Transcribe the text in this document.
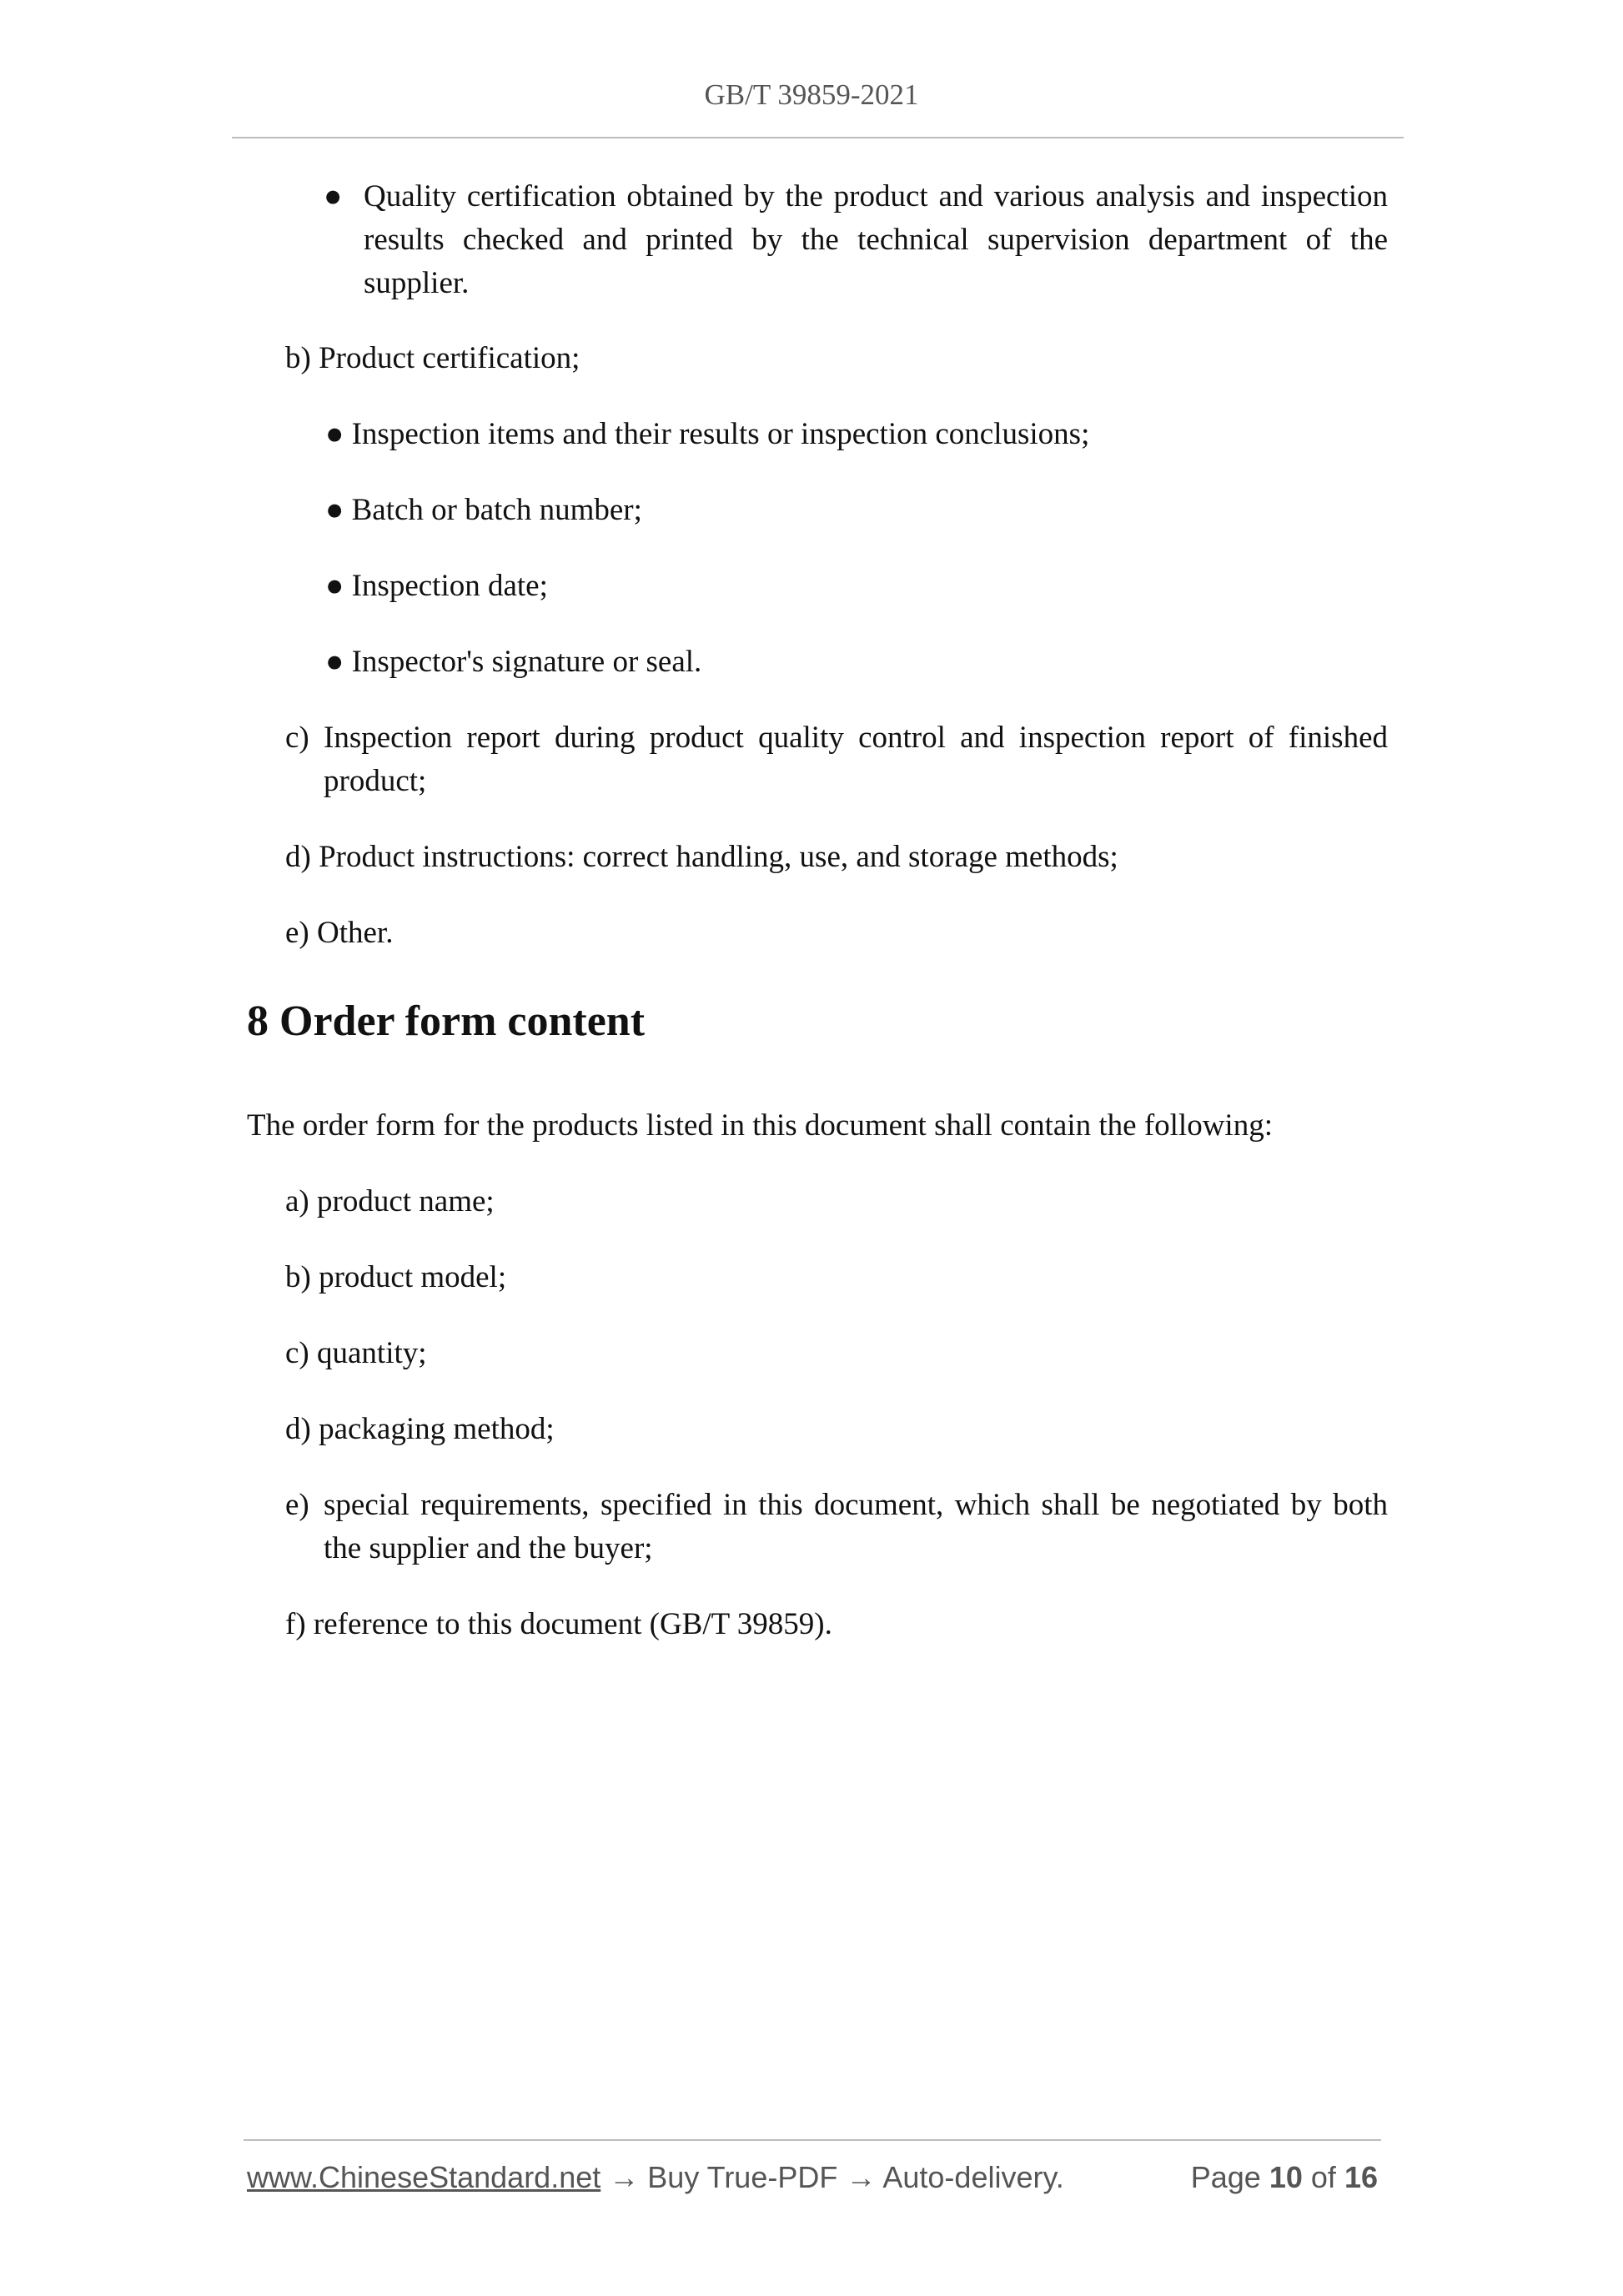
GB/T 39859-2021
● Quality certification obtained by the product and various analysis and inspection results checked and printed by the technical supervision department of the supplier.
b) Product certification;
● Inspection items and their results or inspection conclusions;
● Batch or batch number;
● Inspection date;
● Inspector's signature or seal.
c) Inspection report during product quality control and inspection report of finished product;
d) Product instructions: correct handling, use, and storage methods;
e) Other.
8 Order form content
The order form for the products listed in this document shall contain the following:
a) product name;
b) product model;
c) quantity;
d) packaging method;
e) special requirements, specified in this document, which shall be negotiated by both the supplier and the buyer;
f) reference to this document (GB/T 39859).
www.ChineseStandard.net → Buy True-PDF → Auto-delivery.	Page 10 of 16
